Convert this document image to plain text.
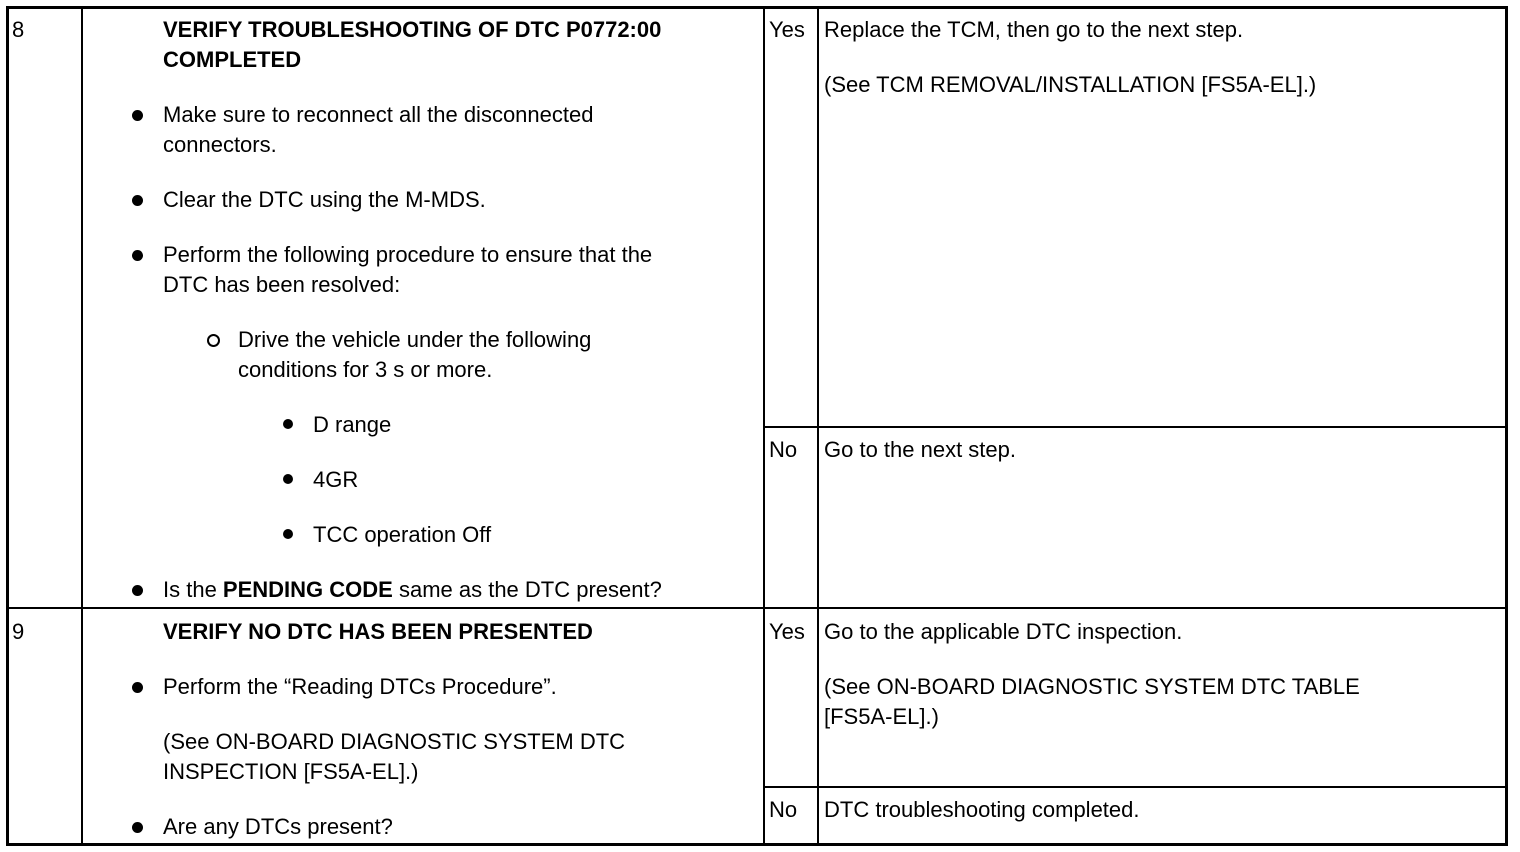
8	VERIFY TROUBLESHOOTING OF DTC P0772:00
COMPLETED
Make sure to reconnect all the disconnected
connectors.
Clear the DTC using the M-MDS.
Perform the following procedure to ensure that the
DTC has been resolved:
Drive the vehicle under the following
conditions for 3 s or more.
D range
4GR
TCC operation Off
Is the PENDING CODE same as the DTC present?
Yes Replace the TCM, then go to the next step.
(See TCM REMOVAL/INSTALLATION [FS5A-EL].)
No Go to the next step.
9	VERIFY NO DTC HAS BEEN PRESENTED
Perform the “Reading DTCs Procedure”.
(See ON-BOARD DIAGNOSTIC SYSTEM DTC
INSPECTION [FS5A-EL].)
Are any DTCs present?
Yes Go to the applicable DTC inspection.
(See ON-BOARD DIAGNOSTIC SYSTEM DTC TABLE
[FS5A-EL].)
No DTC troubleshooting completed.
